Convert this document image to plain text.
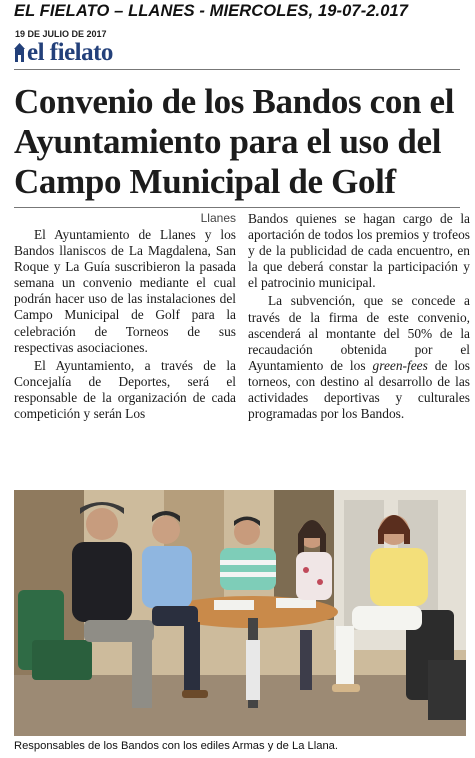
EL FIELATO – LLANES - MIERCOLES, 19-07-2.017
19 DE JULIO DE 2017
el fielato
Convenio de los Bandos con el Ayuntamiento para el uso del Campo Municipal de Golf
Llanes

El Ayuntamiento de Llanes y los Bandos llaniscos de La Magdalena, San Roque y La Guía suscribieron la pasada semana un convenio mediante el cual podrán hacer uso de las instalaciones del Campo Municipal de Golf para la celebración de Torneos de sus respectivas asociaciones.

El Ayuntamiento, a través de la Concejalía de Deportes, será el responsable de la organización de cada competición y serán Los

Bandos quienes se hagan cargo de la aportación de todos los premios y trofeos y de la publicidad de cada encuentro, en la que deberá constar la participación y el patrocinio municipal.

La subvención, que se concede a través de la firma de este convenio, ascenderá al montante del 50% de la recaudación obtenida por el Ayuntamiento de los green-fees de los torneos, con destino al desarrollo de las actividades deportivas y culturales programadas por los Bandos.

Responsables de los Bandos con los ediles Armas y de La Llana.
